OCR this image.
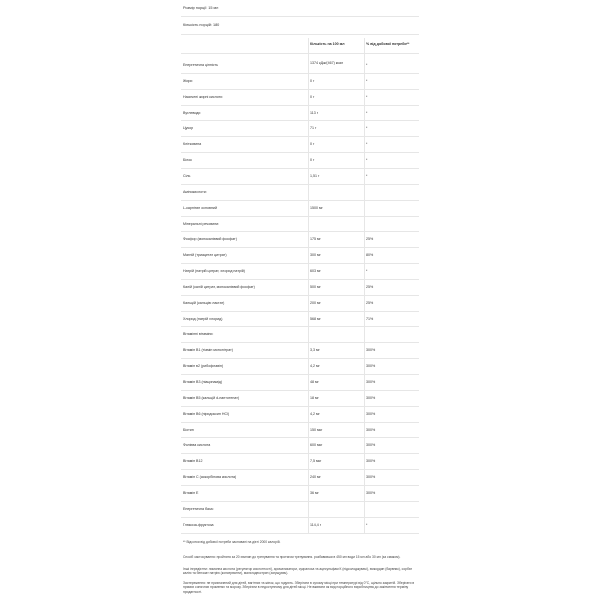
Розмір порції: 15 мл
Кількість порцій: 180
Кількість на 100 мл	% від добової потреби**
Енергетична цінність	1374 кДж/(467) ккал	*
Жири	0 г	*
Насичені жирні кислоти	0 г	*
Вуглеводи	113 г	*
Цукор	71 г	*
Клітковина	0 г	*
Білок	0 г	*
Сіль	1,51 г	*
Амінокислоти:
L-карнітин основний	1500 мг
Мінеральні речовини:
Фосфор (монокалієвий фосфат)	175 мг	25%
Магній (триацетат цитрат)	300 мг	80%
Натрій (натрій цитрат, хлорид натрій)	603 мг	*
Калій (калій цитрат, монокалієвий фосфат)	500 мг	25%
Кальцій (кальцію лактат)	200 мг	25%
Хлорид (натрій хлорид)	568 мг	71%
Вітамінні вітаміни:
Вітамін В1 (тіамін мононітрат)	3,3 мг	300%
Вітамін в2 (рибофлавін)	4,2 мг	300%
Вітамін В3 (ніацинамід)	48 мг	300%
Вітамін В5 (кальцій d-пантотенат)	18 мг	300%
Вітамін В6 (піридоксин HCl)	4,2 мг	300%
Біотин	150 мкг	300%
Фолієва кислота	600 мкг	300%
Вітамін В12	7,5 мкг	300%
Вітамін С (аскорбінова кислота)	240 мг	300%
Вітамін Е	36 мг	300%
Енергетична база:
Глюкоза-фруктоза	114,4 г	*
** Відсотки від добової потреби засновані на дієті 2000 калорій.
Спосіб застосування: пройнятя за 20 хвилин до тренування та протягом тренування. розбавивши в 450 мл води 15 мл або 30 мл (за смаком).
Інші інгредієнти: лимонна кислота (регулятор кислотності), ароматизатори, сукралоза та ацесульфам К (підсолоджувачі), ємкордин (барвник), сорбат калію та бензоат натрію (консерванти), мальтодекстрин (загущувач).
Застереження: не призначений для дітей, вагітних та жінок, що годують. Зберігати в сухому місці при температурі від 0°С, щільно закритій. Зберігати в прямих сонячних променях та морозу. Зберігати в недоступному для дітей місці. Не вживати як вид порційного виробництва до закінчення терміну придатності.
